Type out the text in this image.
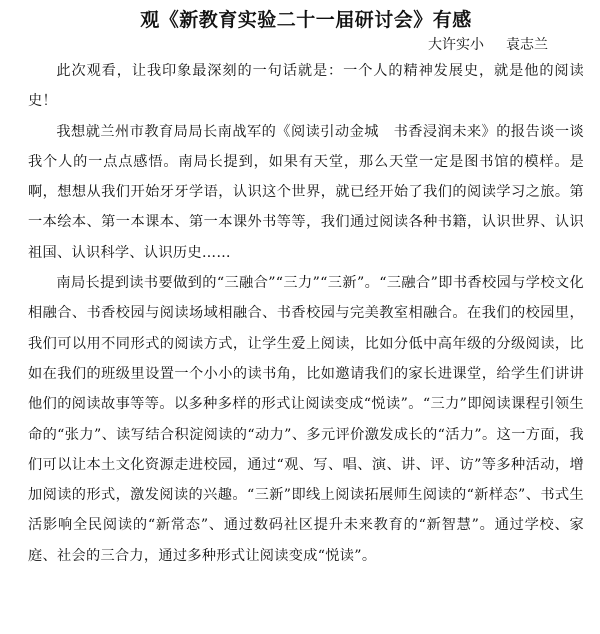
观《新教育实验二十一届研讨会》有感

大许实小 袁志兰

此次观看，让我印象最深刻的一句话就是：一个人的精神发展史，就是他的阅读史！

我想就兰州市教育局局长南战军的《阅读引动金城　书香浸润未来》的报告谈一谈我个人的一点点感悟。南局长提到，如果有天堂，那么天堂一定是图书馆的模样。是啊，想想从我们开始牙牙学语，认识这个世界，就已经开始了我们的阅读学习之旅。第一本绘本、第一本课本、第一本课外书等等，我们通过阅读各种书籍，认识世界、认识祖国、认识科学、认识历史……

南局长提到读书要做到的“三融合”“三力”“三新”。“三融合”即书香校园与学校文化相融合、书香校园与阅读场域相融合、书香校园与完美教室相融合。在我们的校园里，我们可以用不同形式的阅读方式，让学生爱上阅读，比如分低中高年级的分级阅读，比如在我们的班级里设置一个小小的读书角，比如邀请我们的家长进课堂，给学生们讲讲他们的阅读故事等等。以多种多样的形式让阅读变成“悦读”。“三力”即阅读课程引领生命的“张力”、读写结合积淀阅读的“动力”、多元评价激发成长的“活力”。这一方面，我们可以让本土文化资源走进校园，通过“观、写、唱、演、讲、评、访”等多种活动，增加阅读的形式，激发阅读的兴趣。“三新”即线上阅读拓展师生阅读的“新样态”、书式生活影响全民阅读的“新常态”、通过数码社区提升未来教育的“新智慧”。通过学校、家庭、社会的三合力，通过多种形式让阅读变成“悦读”。
